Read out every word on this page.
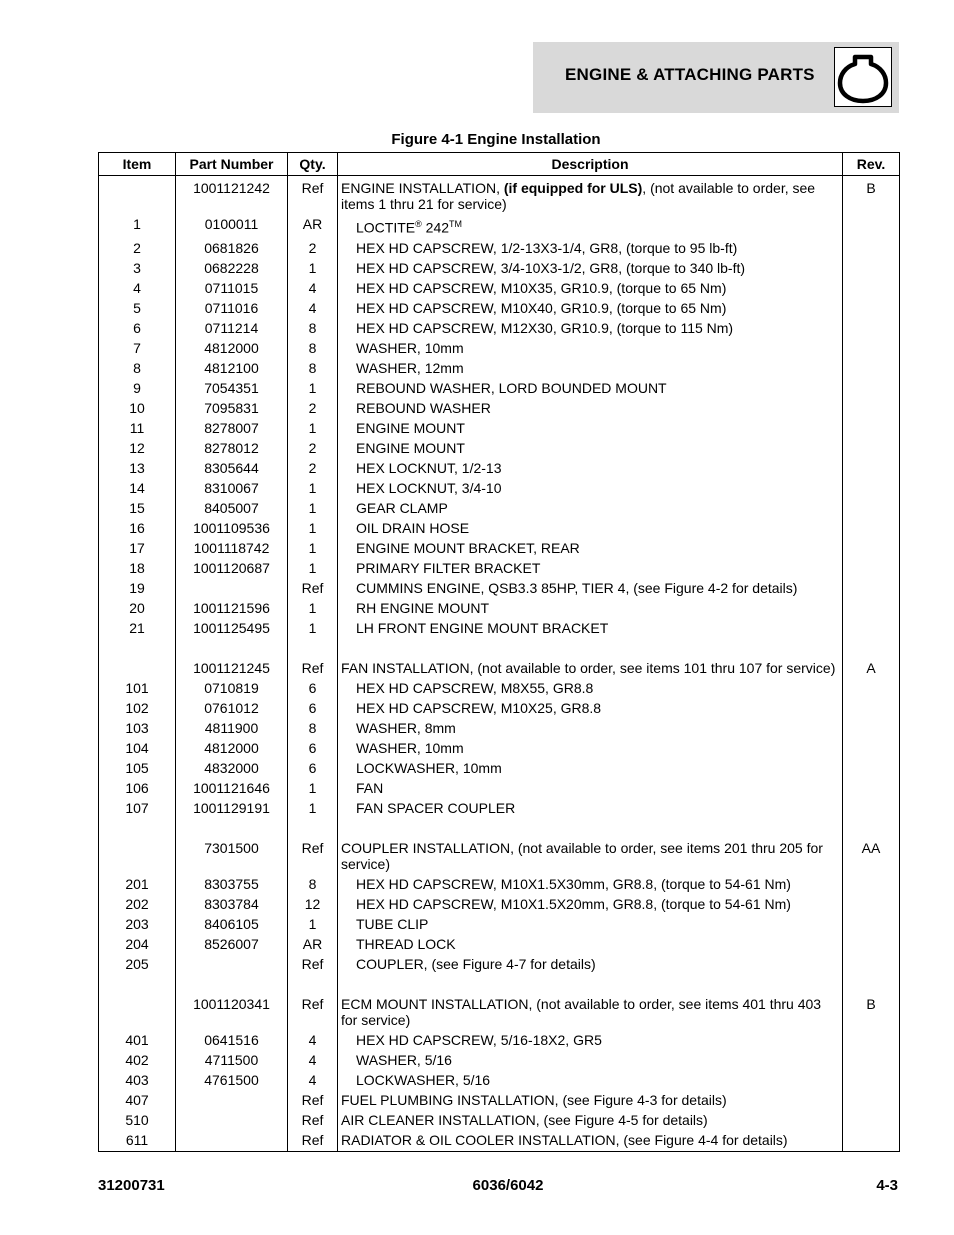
ENGINE & ATTACHING PARTS
Figure 4-1 Engine Installation
Item	Part Number	Qty.	Description	Rev.
	1001121242	Ref	ENGINE INSTALLATION, (if equipped for ULS), (not available to order, see items 1 thru 21 for service)	B
1	0100011	AR	LOCTITE® 242™	
2	0681826	2	HEX HD CAPSCREW, 1/2-13X3-1/4, GR8, (torque to 95 lb-ft)	
3	0682228	1	HEX HD CAPSCREW, 3/4-10X3-1/2, GR8, (torque to 340 lb-ft)	
4	0711015	4	HEX HD CAPSCREW, M10X35, GR10.9, (torque to 65 Nm)	
5	0711016	4	HEX HD CAPSCREW, M10X40, GR10.9, (torque to 65 Nm)	
6	0711214	8	HEX HD CAPSCREW, M12X30, GR10.9, (torque to 115 Nm)	
7	4812000	8	WASHER, 10mm	
8	4812100	8	WASHER, 12mm	
9	7054351	1	REBOUND WASHER, LORD BOUNDED MOUNT	
10	7095831	2	REBOUND WASHER	
11	8278007	1	ENGINE MOUNT	
12	8278012	2	ENGINE MOUNT	
13	8305644	2	HEX LOCKNUT, 1/2-13	
14	8310067	1	HEX LOCKNUT, 3/4-10	
15	8405007	1	GEAR CLAMP	
16	1001109536	1	OIL DRAIN HOSE	
17	1001118742	1	ENGINE MOUNT BRACKET, REAR	
18	1001120687	1	PRIMARY FILTER BRACKET	
19		Ref	CUMMINS ENGINE, QSB3.3 85HP, TIER 4, (see Figure 4-2 for details)	
20	1001121596	1	RH ENGINE MOUNT	
21	1001125495	1	LH FRONT ENGINE MOUNT BRACKET	

	1001121245	Ref	FAN INSTALLATION, (not available to order, see items 101 thru 107 for service)	A
101	0710819	6	HEX HD CAPSCREW, M8X55, GR8.8	
102	0761012	6	HEX HD CAPSCREW, M10X25, GR8.8	
103	4811900	8	WASHER, 8mm	
104	4812000	6	WASHER, 10mm	
105	4832000	6	LOCKWASHER, 10mm	
106	1001121646	1	FAN	
107	1001129191	1	FAN SPACER COUPLER	

	7301500	Ref	COUPLER INSTALLATION, (not available to order, see items 201 thru 205 for service)	AA
201	8303755	8	HEX HD CAPSCREW, M10X1.5X30mm, GR8.8, (torque to 54-61 Nm)	
202	8303784	12	HEX HD CAPSCREW, M10X1.5X20mm, GR8.8, (torque to 54-61 Nm)	
203	8406105	1	TUBE CLIP	
204	8526007	AR	THREAD LOCK	
205		Ref	COUPLER, (see Figure 4-7 for details)	

	1001120341	Ref	ECM MOUNT INSTALLATION, (not available to order, see items 401 thru 403 for service)	B
401	0641516	4	HEX HD CAPSCREW, 5/16-18X2, GR5	
402	4711500	4	WASHER, 5/16	
403	4761500	4	LOCKWASHER, 5/16	
407		Ref	FUEL PLUMBING INSTALLATION, (see Figure 4-3 for details)	
510		Ref	AIR CLEANER INSTALLATION, (see Figure 4-5 for details)	
611		Ref	RADIATOR & OIL COOLER INSTALLATION, (see Figure 4-4 for details)	
31200731	6036/6042	4-3
